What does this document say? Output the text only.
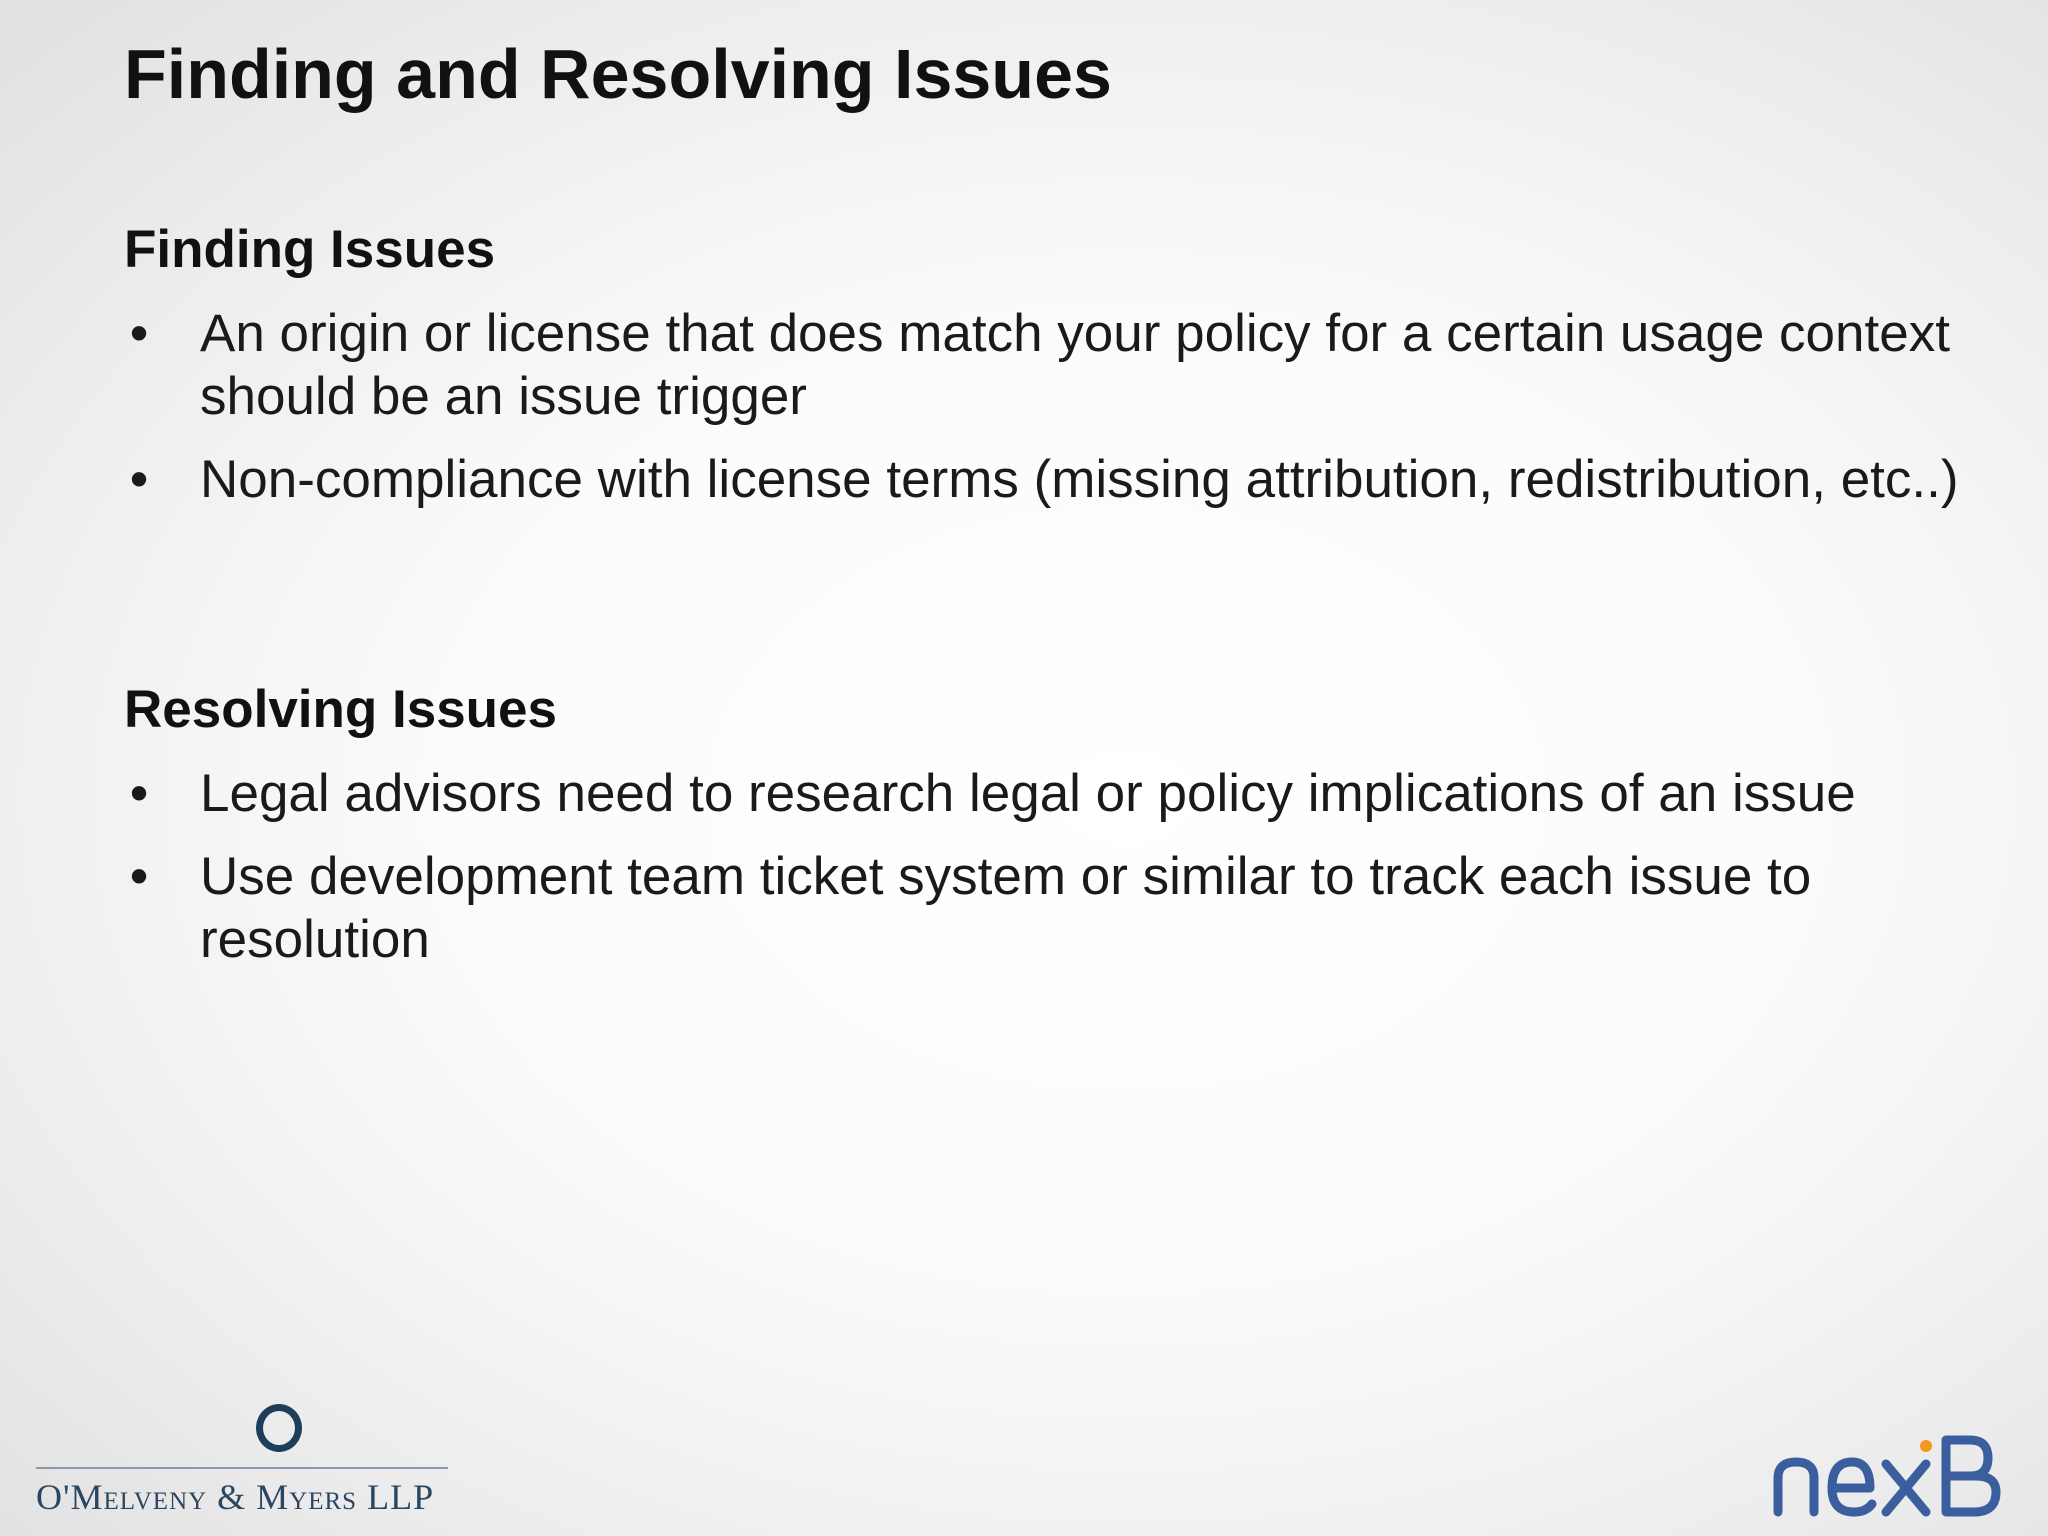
Finding and Resolving Issues
Finding Issues
• An origin or license that does match your policy for a certain usage context should be an issue trigger
• Non-compliance with license terms (missing attribution, redistribution, etc..)
Resolving Issues
• Legal advisors need to research legal or policy implications of an issue
• Use development team ticket system or similar to track each issue to resolution
O'Melveny & Myers LLP
